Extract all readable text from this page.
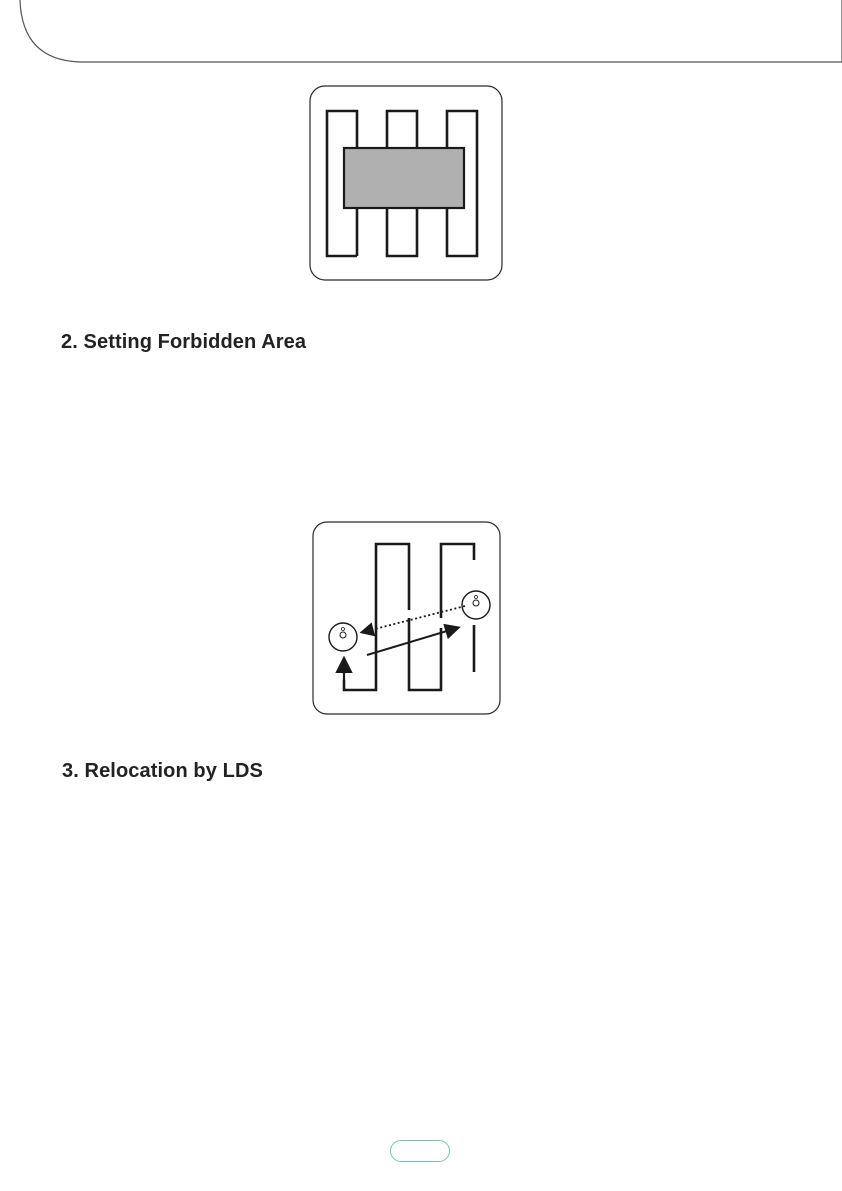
2. Setting Forbidden Area
3. Relocation by LDS
